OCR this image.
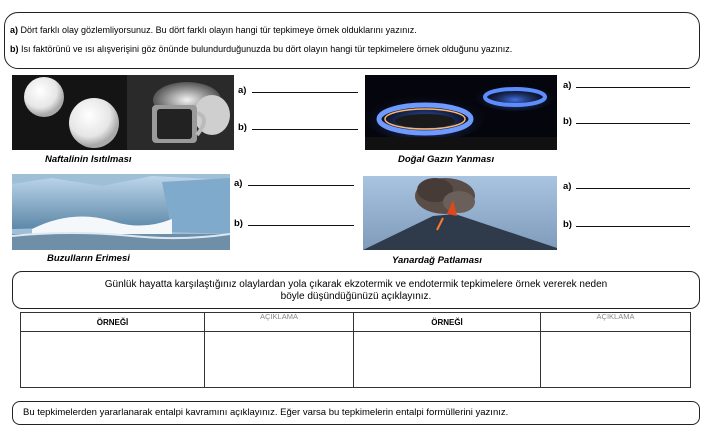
a) Dört farklı olay gözlemliyorsunuz. Bu dört farklı olayın hangi tür tepkimeye örnek olduklarını yazınız.
b) Isı faktörünü ve ısı alışverişini göz önünde bulundurduğunuzda bu dört olayın hangi tür tepkimelere örnek olduğunu yazınız.
Naftalinin Isıtılması
a)
b)
Doğal Gazın Yanması
a)
b)
Buzulların Erimesi
a)
b)
Yanardağ Patlaması
a)
b)
Günlük hayatta karşılaştığınız olaylardan yola çıkarak ekzotermik ve endotermik tepkimelere örnek vererek neden
böyle düşündüğünüzü açıklayınız.
ÖRNEĞİ	AÇIKLAMA	ÖRNEĞİ	AÇIKLAMA

Bu tepkimelerden yararlanarak entalpi kavramını açıklayınız. Eğer varsa bu tepkimelerin entalpi formüllerini yazınız.
